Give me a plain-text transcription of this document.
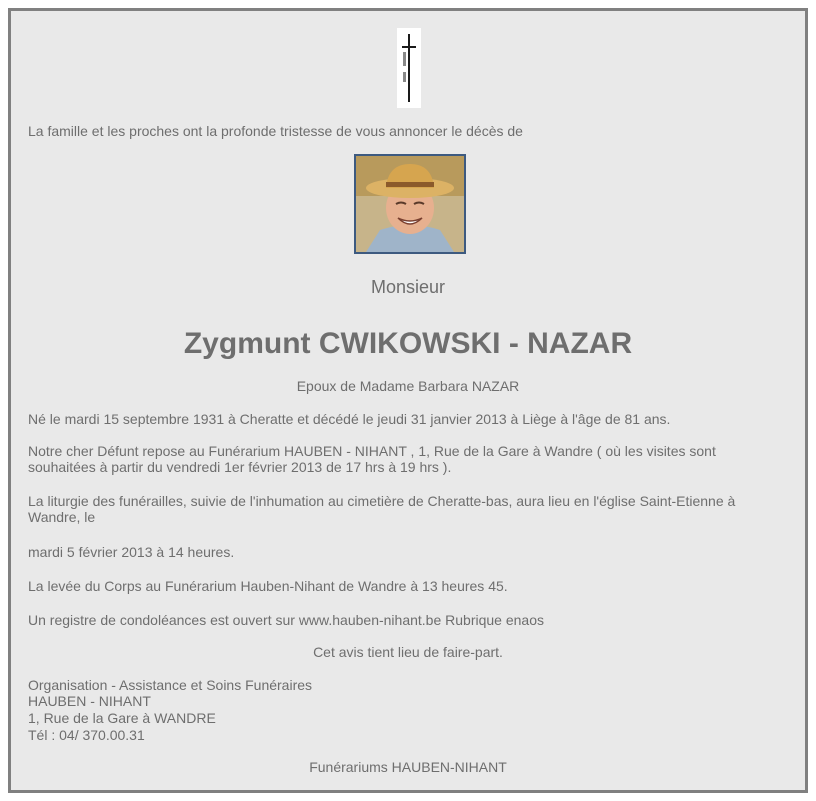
La famille et les proches ont la profonde tristesse de vous annoncer le décès de

Monsieur
Zygmunt CWIKOWSKI - NAZAR

Epoux de Madame Barbara NAZAR

Né le mardi 15 septembre 1931 à Cheratte et décédé le jeudi 31 janvier 2013 à Liège à l'âge de 81 ans.

Notre cher Défunt repose au Funérarium HAUBEN - NIHANT , 1, Rue de la Gare à Wandre ( où les visites sont

souhaitées à partir du vendredi 1er février 2013 de 17 hrs à 19 hrs ).

La liturgie des funérailles, suivie de l'inhumation au cimetière de Cheratte-bas, aura lieu en l'église Saint-Etienne à

Wandre, le

mardi 5 février 2013 à 14 heures.

La levée du Corps au Funérarium Hauben-Nihant de Wandre à 13 heures 45.

Un registre de condoléances est ouvert sur www.hauben-nihant.be Rubrique enaos

Cet avis tient lieu de faire-part.

Organisation - Assistance et Soins Funéraires

HAUBEN - NIHANT

1, Rue de la Gare à WANDRE

Tél : 04/ 370.00.31

Funérariums HAUBEN-NIHANT
